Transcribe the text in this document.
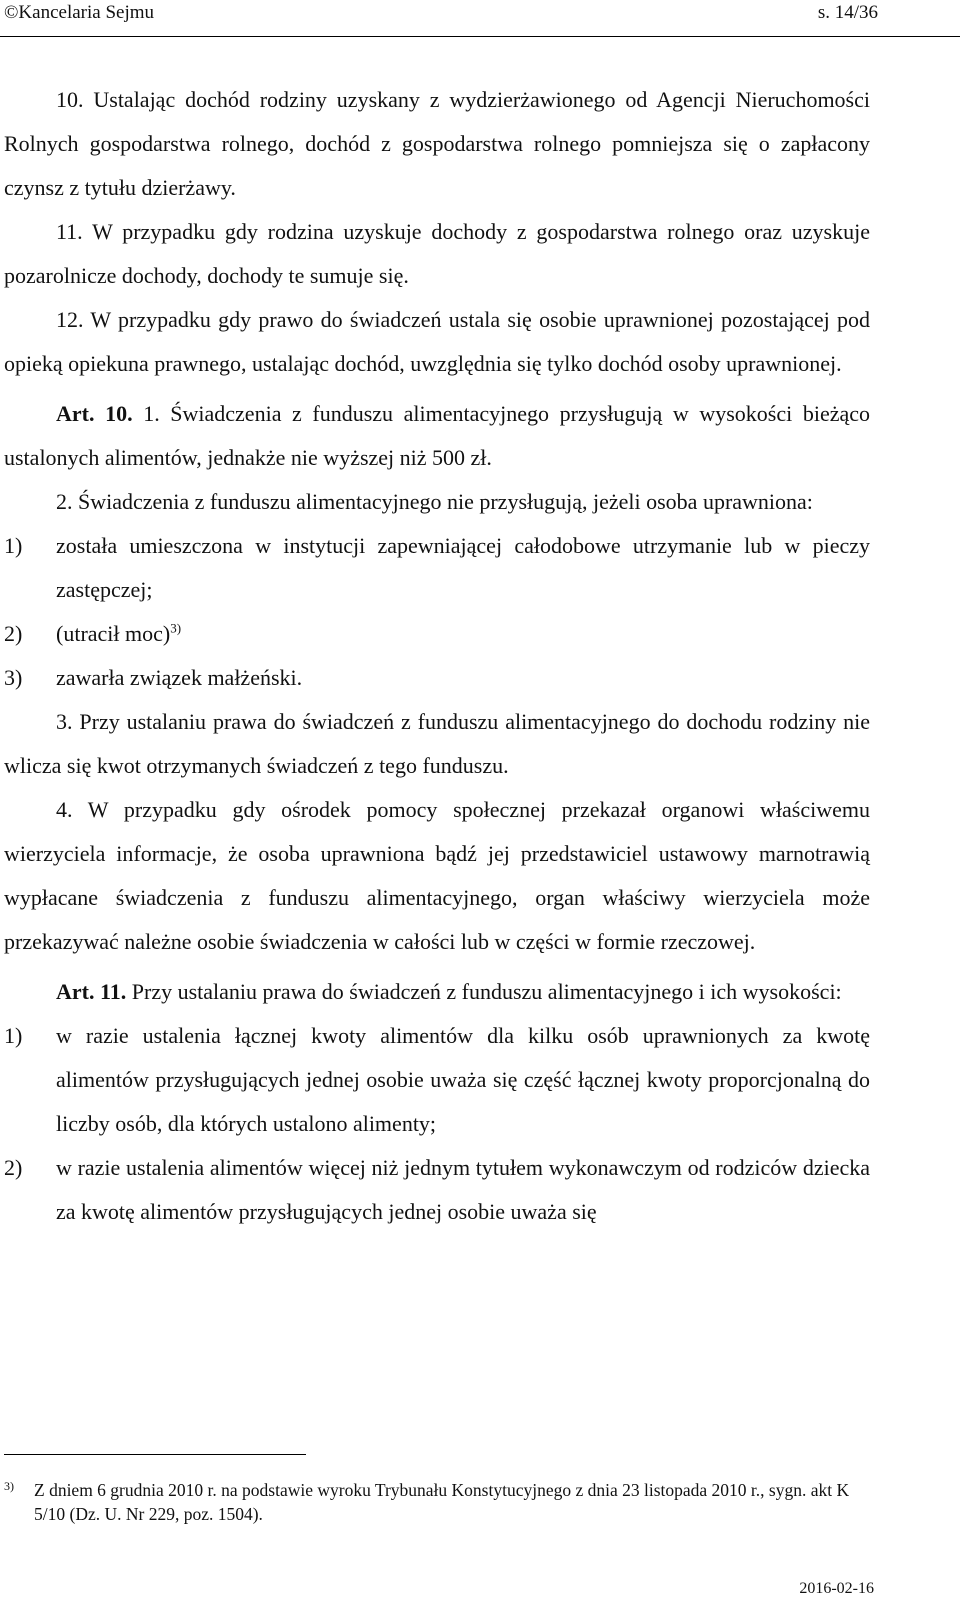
©Kancelaria Sejmu	s. 14/36

10. Ustalając dochód rodziny uzyskany z wydzierżawionego od Agencji Nieruchomości Rolnych gospodarstwa rolnego, dochód z gospodarstwa rolnego pomniejsza się o zapłacony czynsz z tytułu dzierżawy.

11. W przypadku gdy rodzina uzyskuje dochody z gospodarstwa rolnego oraz uzyskuje pozarolnicze dochody, dochody te sumuje się.

12. W przypadku gdy prawo do świadczeń ustala się osobie uprawnionej pozostającej pod opieką opiekuna prawnego, ustalając dochód, uwzględnia się tylko dochód osoby uprawnionej.

Art. 10. 1. Świadczenia z funduszu alimentacyjnego przysługują w wysokości bieżąco ustalonych alimentów, jednakże nie wyższej niż 500 zł.

2. Świadczenia z funduszu alimentacyjnego nie przysługują, jeżeli osoba uprawniona:

1) została umieszczona w instytucji zapewniającej całodobowe utrzymanie lub w pieczy zastępczej;
2) (utracił moc)$^{3)}$
3) zawarła związek małżeński.

3. Przy ustalaniu prawa do świadczeń z funduszu alimentacyjnego do dochodu rodziny nie wlicza się kwot otrzymanych świadczeń z tego funduszu.

4. W przypadku gdy ośrodek pomocy społecznej przekazał organowi właściwemu wierzyciela informacje, że osoba uprawniona bądź jej przedstawiciel ustawowy marnotrawią wypłacane świadczenia z funduszu alimentacyjnego, organ właściwy wierzyciela może przekazywać należne osobie świadczenia w całości lub w części w formie rzeczowej.

Art. 11. Przy ustalaniu prawa do świadczeń z funduszu alimentacyjnego i ich wysokości:

1) w razie ustalenia łącznej kwoty alimentów dla kilku osób uprawnionych za kwotę alimentów przysługujących jednej osobie uważa się część łącznej kwoty proporcjonalną do liczby osób, dla których ustalono alimenty;
2) w razie ustalenia alimentów więcej niż jednym tytułem wykonawczym od rodziców dziecka za kwotę alimentów przysługujących jednej osobie uważa się
3) Z dniem 6 grudnia 2010 r. na podstawie wyroku Trybunału Konstytucyjnego z dnia 23 listopada 2010 r., sygn. akt K 5/10 (Dz. U. Nr 229, poz. 1504).
2016-02-16
